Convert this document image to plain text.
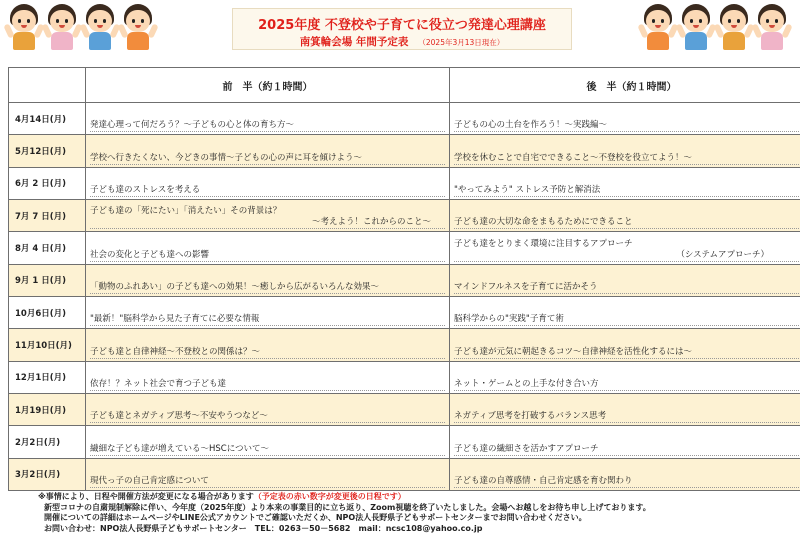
2025年度 不登校や子育てに役立つ発達心理講座
南箕輪会場 年間予定表 （2025年3月13日現在）
	前　半（約１時間）	後　半（約１時間）
4月14日(月)	発達心理って何だろう？～子どもの心と体の育ち方～	子どもの心の土台を作ろう！～実践編～

5月12日(月)	学校へ行きたくない、今どきの事情～子どもの心の声に耳を傾けよう～	学校を休むことで自宅でできること～不登校を役立てよう！～

6月 2 日(月)	子ども達のストレスを考える	"やってみよう" ストレス予防と解消法

7月 7 日(月)	子ども達の「死にたい」「消えたい」その背景は？
～考えよう！これからのこと～	子ども達の大切な命をまもるためにできること

8月 4 日(月)	社会の変化と子ども達への影響	子ども達をとりまく環境に注目するアプローチ
（システムアプローチ）

9月 1 日(月)	「動物のふれあい」の子ども達への効果！～癒しから広がるいろんな効果～	マインドフルネスを子育てに活かそう

10月6日(月)	"最新！"脳科学から見た子育てに必要な情報	脳科学からの"実践"子育て術

11月10日(月)	子ども達と自律神経～不登校との関係は？～	子ども達が元気に朝起きるコツ～自律神経を活性化するには～

12月1日(月)	依存！？ネット社会で育つ子ども達	ネット・ゲームとの上手な付き合い方

1月19日(月)	子ども達とネガティブ思考～不安やうつなど～	ネガティブ思考を打破するバランス思考

2月2日(月)	繊細な子ども達が増えている～HSCについて～	子ども達の繊細さを活かすアプローチ

3月2日(月)	現代っ子の自己肯定感について	子ども達の自尊感情・自己肯定感を育む関わり
※事情により、日程や開催方法が変更になる場合があります（予定表の赤い数字が変更後の日程です）
新型コロナの自粛規制解除に伴い、今年度（2025年度）より本来の事業目的に立ち返り、Zoom視聴を終了いたしました。会場へお越しをお待ち申し上げております。
開催についての詳細はホームページやLINE公式アカウントでご確認いただくか、NPO法人長野県子どもサポートセンターまでお問い合わせください。
お問い合わせ：NPO法人長野県子どもサポートセンター　TEL：0263－50－5682　mail：ncsc108@yahoo.co.jp
